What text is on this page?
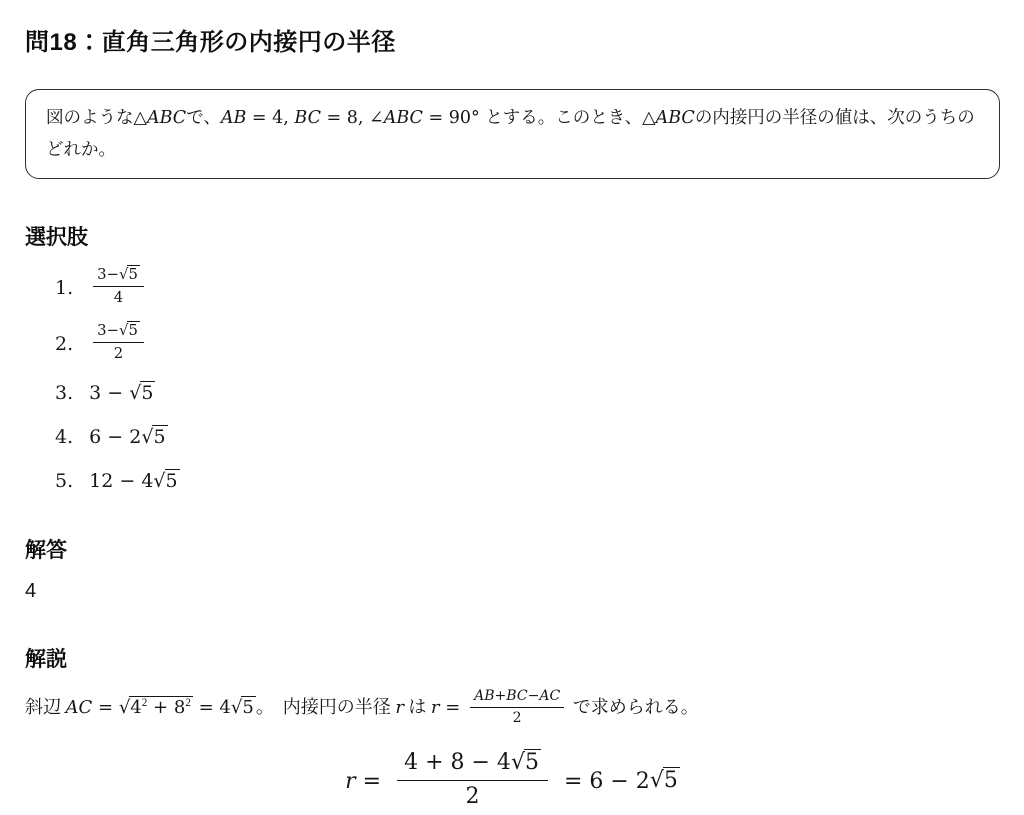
問18：直角三角形の内接円の半径

図のような△ABCで、AB = 4, BC = 8, ∠ABC = 90° とする。このとき、△ABCの内接円の半径の値は、次のうちのどれか。

選択肢
1. $\frac{3-√5}{4}$
2. $\frac{3-√5}{2}$
3. 3 − √5
4. 6 − 2√5
5. 12 − 4√5
解答

4

解説

斜辺 AC = $√4^2 + 8^2 = 4√5$ 。　内接円の半径 r は $r = \frac{AB+BC-AC}{2}$ で求められる。

$r = \frac{4 + 8 - 4√5}{2} = 6 - 2√5$
